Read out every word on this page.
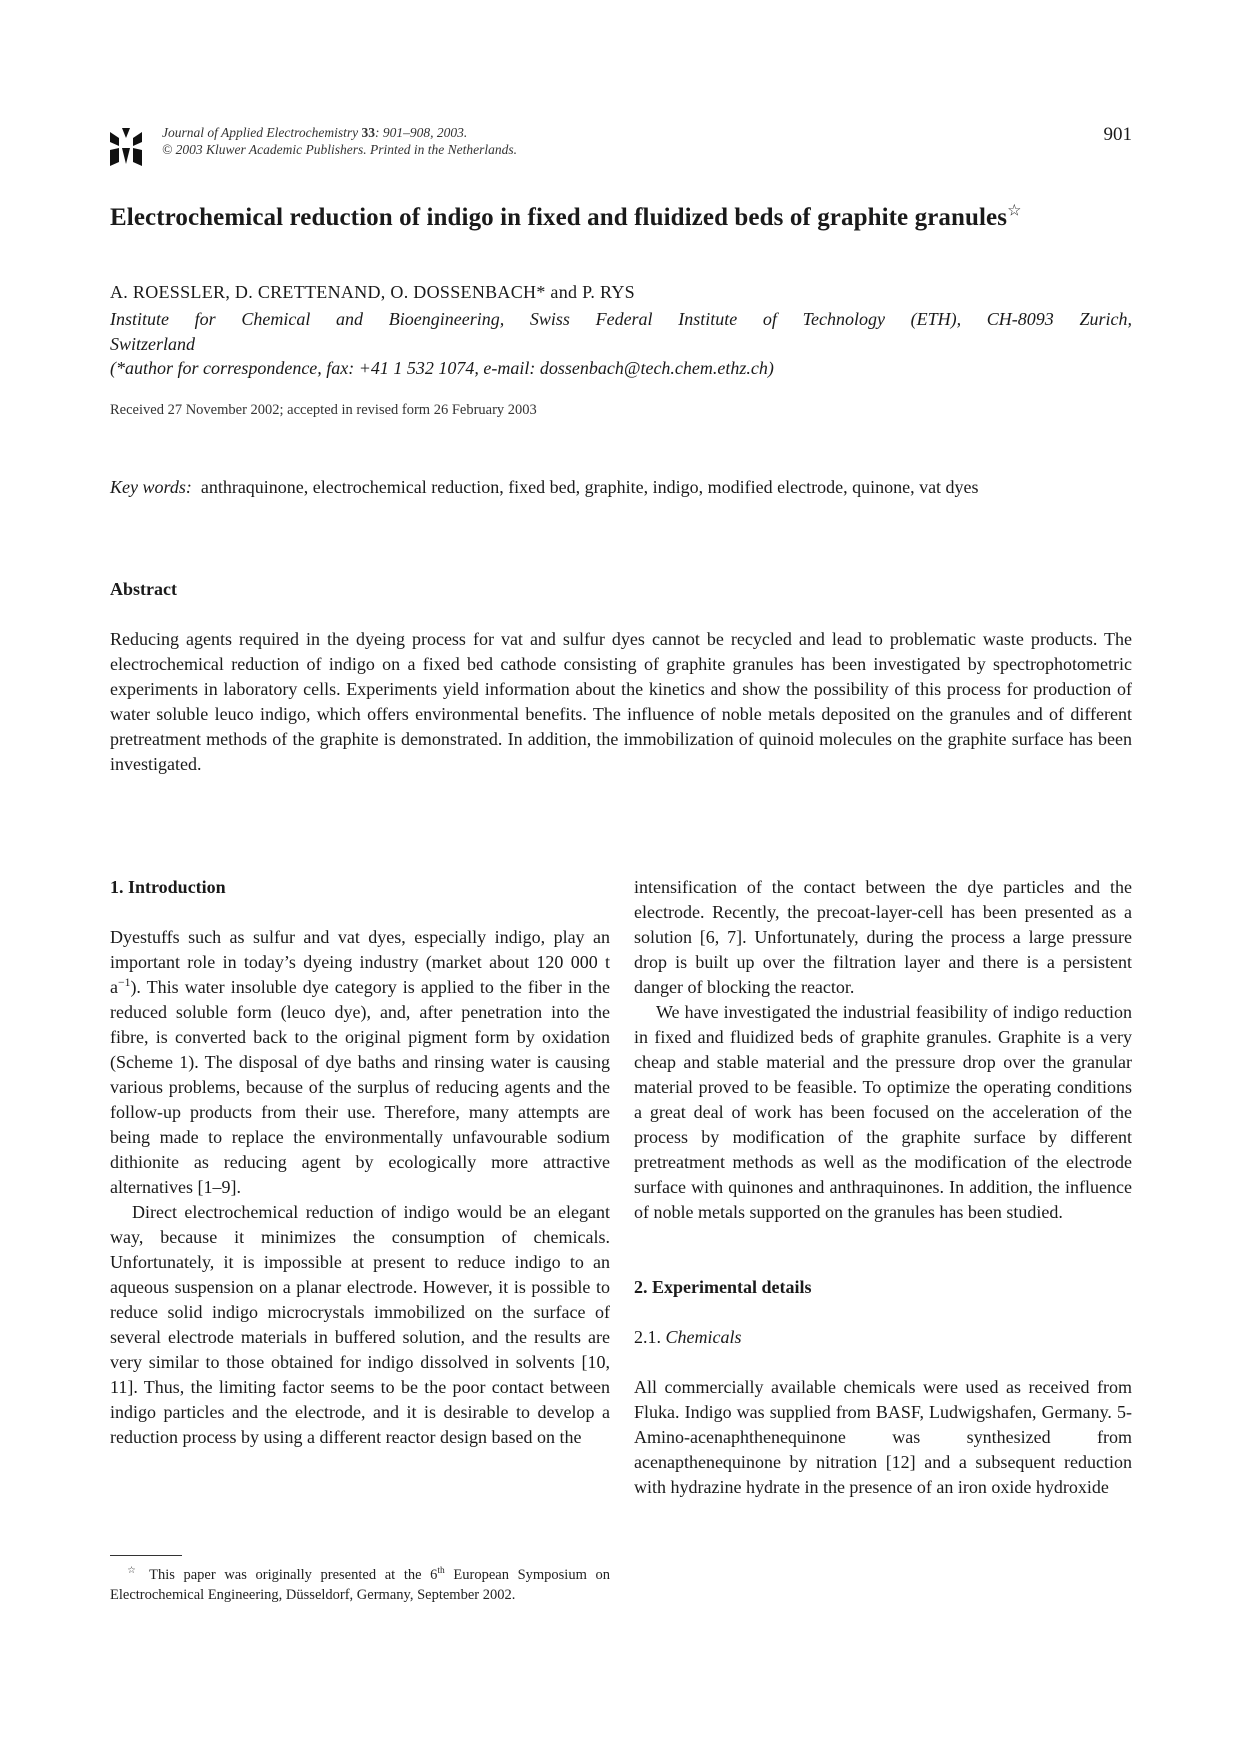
Journal of Applied Electrochemistry 33: 901–908, 2003.
© 2003 Kluwer Academic Publishers. Printed in the Netherlands.
901
Electrochemical reduction of indigo in fixed and fluidized beds of graphite granules☆
A. ROESSLER, D. CRETTENAND, O. DOSSENBACH* and P. RYS
Institute for Chemical and Bioengineering, Swiss Federal Institute of Technology (ETH), CH-8093 Zurich,
Switzerland
(*author for correspondence, fax: +41 1 532 1074, e-mail: dossenbach@tech.chem.ethz.ch)
Received 27 November 2002; accepted in revised form 26 February 2003
Key words: anthraquinone, electrochemical reduction, fixed bed, graphite, indigo, modified electrode, quinone, vat dyes
Abstract
Reducing agents required in the dyeing process for vat and sulfur dyes cannot be recycled and lead to problematic waste products. The electrochemical reduction of indigo on a fixed bed cathode consisting of graphite granules has been investigated by spectrophotometric experiments in laboratory cells. Experiments yield information about the kinetics and show the possibility of this process for production of water soluble leuco indigo, which offers environmental benefits. The influence of noble metals deposited on the granules and of different pretreatment methods of the graphite is demonstrated. In addition, the immobilization of quinoid molecules on the graphite surface has been investigated.
1. Introduction

Dyestuffs such as sulfur and vat dyes, especially indigo, play an important role in today’s dyeing industry (market about 120 000 t $a^{-1}$). This water insoluble dye category is applied to the fiber in the reduced soluble form (leuco dye), and, after penetration into the fibre, is converted back to the original pigment form by oxidation (Scheme 1). The disposal of dye baths and rinsing water is causing various problems, because of the surplus of reducing agents and the follow-up products from their use. Therefore, many attempts are being made to replace the environmentally unfavourable sodium dithionite as reducing agent by ecologically more attractive alternatives [1–9].

Direct electrochemical reduction of indigo would be an elegant way, because it minimizes the consumption of chemicals. Unfortunately, it is impossible at present to reduce indigo to an aqueous suspension on a planar electrode. However, it is possible to reduce solid indigo microcrystals immobilized on the surface of several electrode materials in buffered solution, and the results are very similar to those obtained for indigo dissolved in solvents [10, 11]. Thus, the limiting factor seems to be the poor contact between indigo particles and the electrode, and it is desirable to develop a reduction process by using a different reactor design based on the

intensification of the contact between the dye particles and the electrode. Recently, the precoat-layer-cell has been presented as a solution [6, 7]. Unfortunately, during the process a large pressure drop is built up over the filtration layer and there is a persistent danger of blocking the reactor.

We have investigated the industrial feasibility of indigo reduction in fixed and fluidized beds of graphite granules. Graphite is a very cheap and stable material and the pressure drop over the granular material proved to be feasible. To optimize the operating conditions a great deal of work has been focused on the acceleration of the process by modification of the graphite surface by different pretreatment methods as well as the modification of the electrode surface with quinones and anthraquinones. In addition, the influence of noble metals supported on the granules has been studied.

2. Experimental details
2.1. Chemicals

All commercially available chemicals were used as received from Fluka. Indigo was supplied from BASF, Ludwigshafen, Germany. 5-Amino-acenaphthenequinone was synthesized from acenapthenequinone by nitration [12] and a subsequent reduction with hydrazine hydrate in the presence of an iron oxide hydroxide

☆ This paper was originally presented at the 6th European Symposium on Electrochemical Engineering, Düsseldorf, Germany, September 2002.
